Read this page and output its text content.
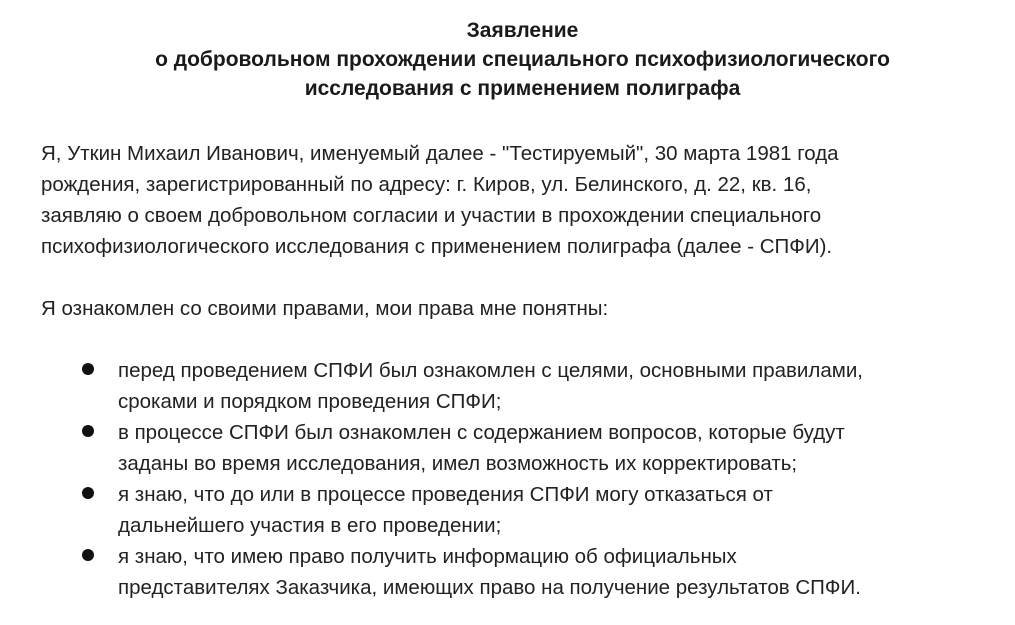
Заявление
о добровольном прохождении специального психофизиологического
исследования с применением полиграфа
Я, Уткин Михаил Иванович, именуемый далее - "Тестируемый", 30 марта 1981 года
рождения, зарегистрированный по адресу: г. Киров, ул. Белинского, д. 22, кв. 16,
заявляю о своем добровольном согласии и участии в прохождении специального
психофизиологического исследования с применением полиграфа (далее - СПФИ).
Я ознакомлен со своими правами, мои права мне понятны:
перед проведением СПФИ был ознакомлен с целями, основными правилами,
сроками и порядком проведения СПФИ;
в процессе СПФИ был ознакомлен с содержанием вопросов, которые будут
заданы во время исследования, имел возможность их корректировать;
я знаю, что до или в процессе проведения СПФИ могу отказаться от
дальнейшего участия в его проведении;
я знаю, что имею право получить информацию об официальных
представителях Заказчика, имеющих право на получение результатов СПФИ.
